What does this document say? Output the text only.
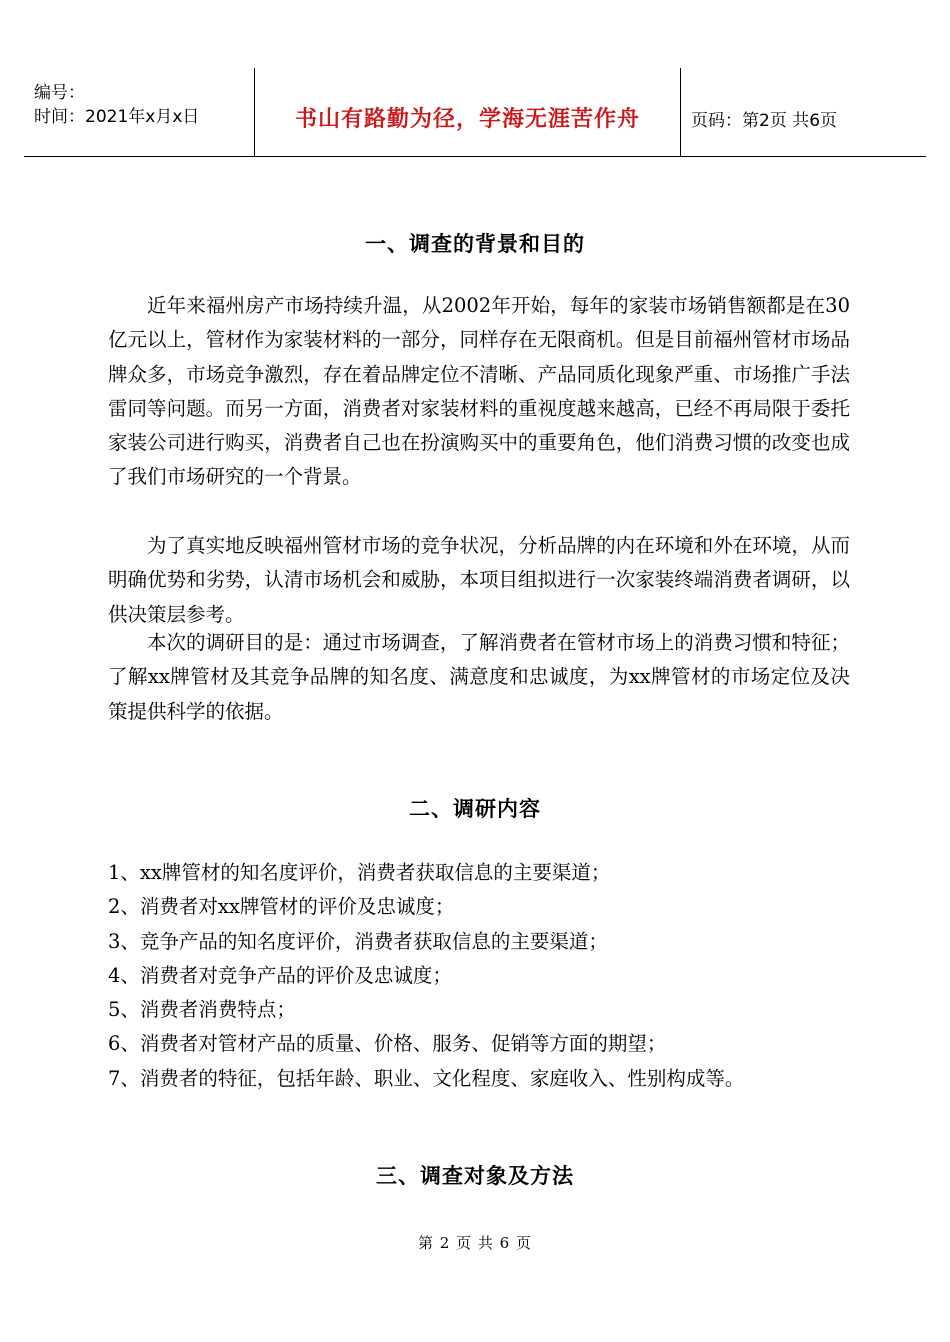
编号：
时间：2021年x月x日	书山有路勤为径，学海无涯苦作舟	页码：第2页 共6页
一、调查的背景和目的

近年来福州房产市场持续升温，从2002年开始，每年的家装市场销售额都是在30亿元以上，管材作为家装材料的一部分，同样存在无限商机。但是目前福州管材市场品牌众多，市场竞争激烈，存在着品牌定位不清晰、产品同质化现象严重、市场推广手法雷同等问题。而另一方面，消费者对家装材料的重视度越来越高，已经不再局限于委托家装公司进行购买，消费者自己也在扮演购买中的重要角色，他们消费习惯的改变也成了我们市场研究的一个背景。

为了真实地反映福州管材市场的竞争状况，分析品牌的内在环境和外在环境，从而明确优势和劣势，认清市场机会和威胁，本项目组拟进行一次家装终端消费者调研，以供决策层参考。

本次的调研目的是：通过市场调查，了解消费者在管材市场上的消费习惯和特征；了解xx牌管材及其竞争品牌的知名度、满意度和忠诚度，为xx牌管材的市场定位及决策提供科学的依据。

二、调研内容
1、xx牌管材的知名度评价，消费者获取信息的主要渠道；
2、消费者对xx牌管材的评价及忠诚度；
3、竞争产品的知名度评价，消费者获取信息的主要渠道；
4、消费者对竞争产品的评价及忠诚度；
5、消费者消费特点；
6、消费者对管材产品的质量、价格、服务、促销等方面的期望；
7、消费者的特征，包括年龄、职业、文化程度、家庭收入、性别构成等。
三、调查对象及方法
第 2 页 共 6 页
